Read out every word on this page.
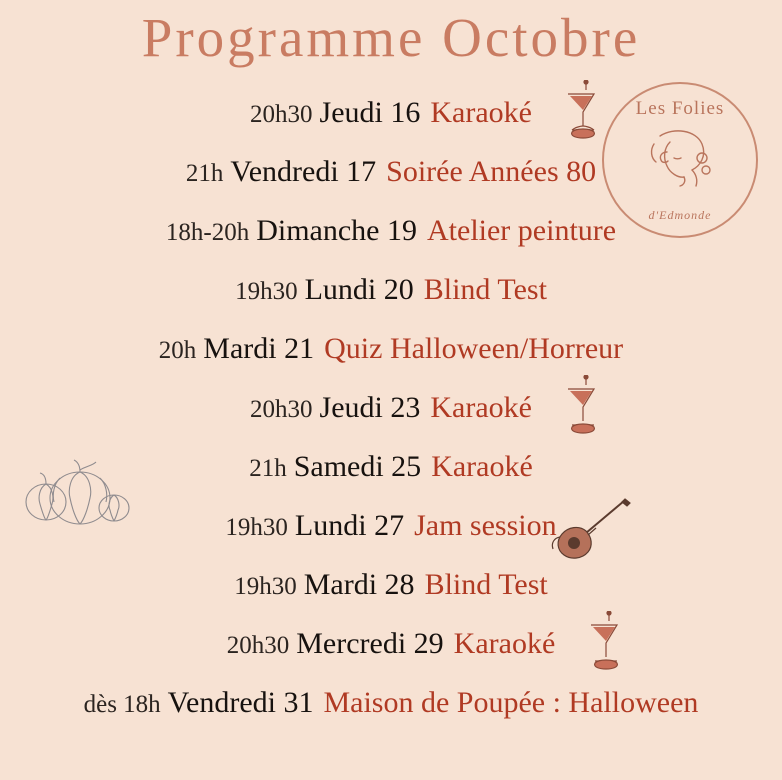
Programme Octobre
Les Folies
d'Edmonde
20h30 Jeudi 16 Karaoké
21h Vendredi 17 Soirée Années 80
18h-20h Dimanche 19 Atelier peinture
19h30 Lundi 20 Blind Test
20h Mardi 21 Quiz Halloween/Horreur
20h30 Jeudi 23 Karaoké
21h Samedi 25 Karaoké
19h30 Lundi 27 Jam session
19h30 Mardi 28 Blind Test
20h30 Mercredi 29 Karaoké
dès 18h Vendredi 31 Maison de Poupée : Halloween
